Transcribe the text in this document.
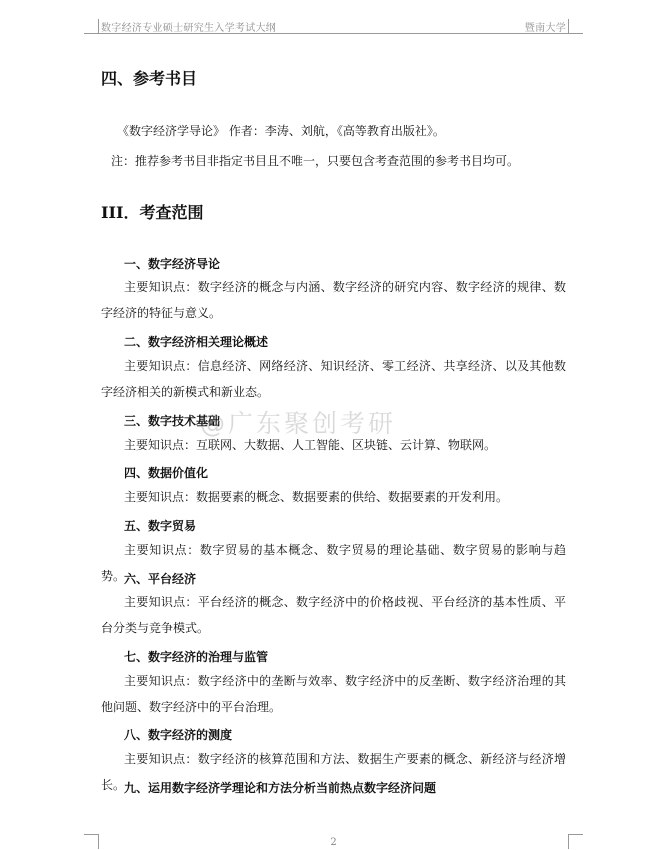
数字经济专业硕士研究生入学考试大纲	暨南大学
四、参考书目
《数字经济学导论》 作者：李涛、刘航，《高等教育出版社》。
注：推荐参考书目非指定书目且不唯一，只要包含考查范围的参考书目均可。
III．考查范围
一、数字经济导论
主要知识点：数字经济的概念与内涵、数字经济的研究内容、数字经济的规律、数字经济的特征与意义。
二、数字经济相关理论概述
主要知识点：信息经济、网络经济、知识经济、零工经济、共享经济、以及其他数字经济相关的新模式和新业态。
三、数字技术基础
主要知识点：互联网、大数据、人工智能、区块链、云计算、物联网。
四、数据价值化
主要知识点：数据要素的概念、数据要素的供给、数据要素的开发利用。
五、数字贸易
主要知识点：数字贸易的基本概念、数字贸易的理论基础、数字贸易的影响与趋势。
六、平台经济
主要知识点：平台经济的概念、数字经济中的价格歧视、平台经济的基本性质、平台分类与竞争模式。
七、数字经济的治理与监管
主要知识点：数字经济中的垄断与效率、数字经济中的反垄断、数字经济治理的其他问题、数字经济中的平台治理。
八、数字经济的测度
主要知识点：数字经济的核算范围和方法、数据生产要素的概念、新经济与经济增长。
九、运用数字经济学理论和方法分析当前热点数字经济问题
@广东聚创考研
2
